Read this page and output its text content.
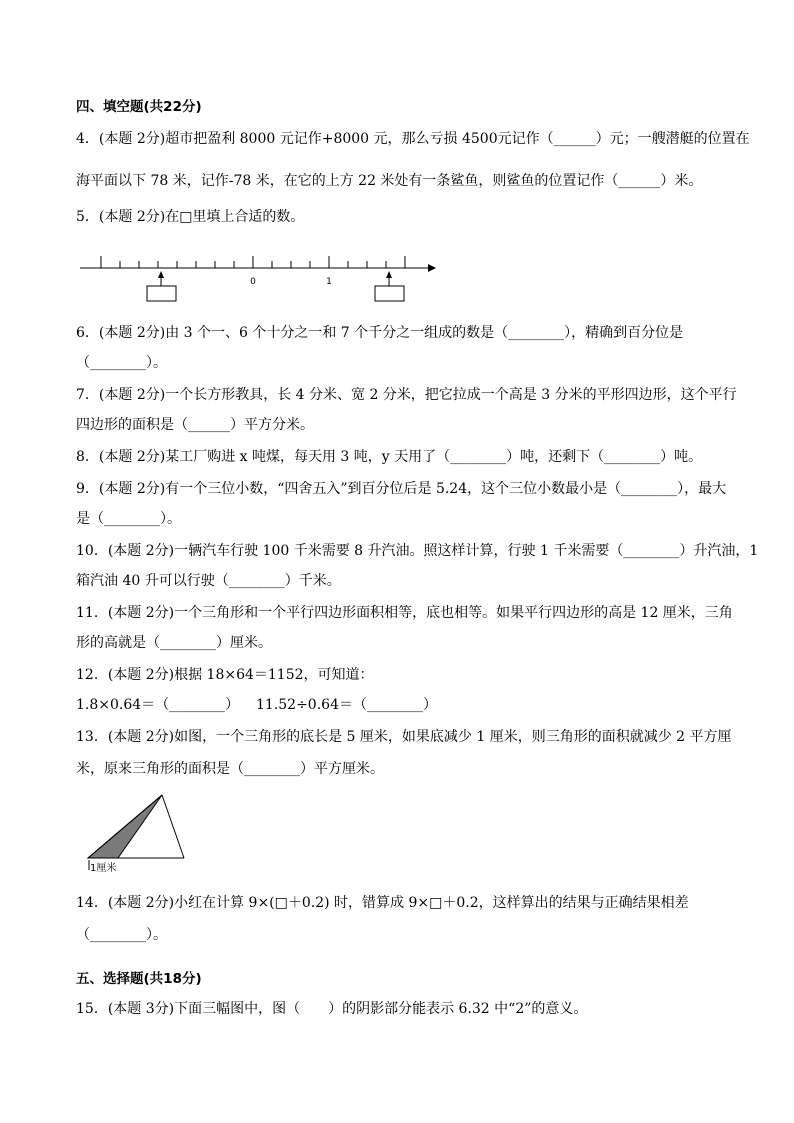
四、填空题(共22分)
4．(本题 2分)超市把盈利 8000 元记作+8000 元，那么亏损 4500元记作（______）元；一艘潜艇的位置在
海平面以下 78 米，记作-78 米，在它的上方 22 米处有一条鲨鱼，则鲨鱼的位置记作（______）米。
5．(本题 2分)在□里填上合适的数。
0	1
6．(本题 2分)由 3 个一、6 个十分之一和 7 个千分之一组成的数是（________），精确到百分位是
（________）。
7．(本题 2分)一个长方形教具，长 4 分米、宽 2 分米，把它拉成一个高是 3 分米的平形四边形，这个平行
四边形的面积是（______）平方分米。
8．(本题 2分)某工厂购进 x 吨煤，每天用 3 吨，y 天用了（________）吨，还剩下（________）吨。
9．(本题 2分)有一个三位小数，“四舍五入”到百分位后是 5.24，这个三位小数最小是（________），最大
是（________）。
10．(本题 2分)一辆汽车行驶 100 千米需要 8 升汽油。照这样计算，行驶 1 千米需要（________）升汽油，1
箱汽油 40 升可以行驶（________）千米。
11．(本题 2分)一个三角形和一个平行四边形面积相等，底也相等。如果平行四边形的高是 12 厘米，三角
形的高就是（________）厘米。
12．(本题 2分)根据 18×64＝1152，可知道：
1.8×0.64＝（________） 11.52÷0.64＝（________）
13．(本题 2分)如图，一个三角形的底长是 5 厘米，如果底减少 1 厘米，则三角形的面积就减少 2 平方厘
米，原来三角形的面积是（________）平方厘米。
1厘米
14．(本题 2分)小红在计算 9×(□＋0.2) 时，错算成 9×□＋0.2，这样算出的结果与正确结果相差
（________）。
五、选择题(共18分)
15．(本题 3分)下面三幅图中，图（　　）的阴影部分能表示 6.32 中“2”的意义。
